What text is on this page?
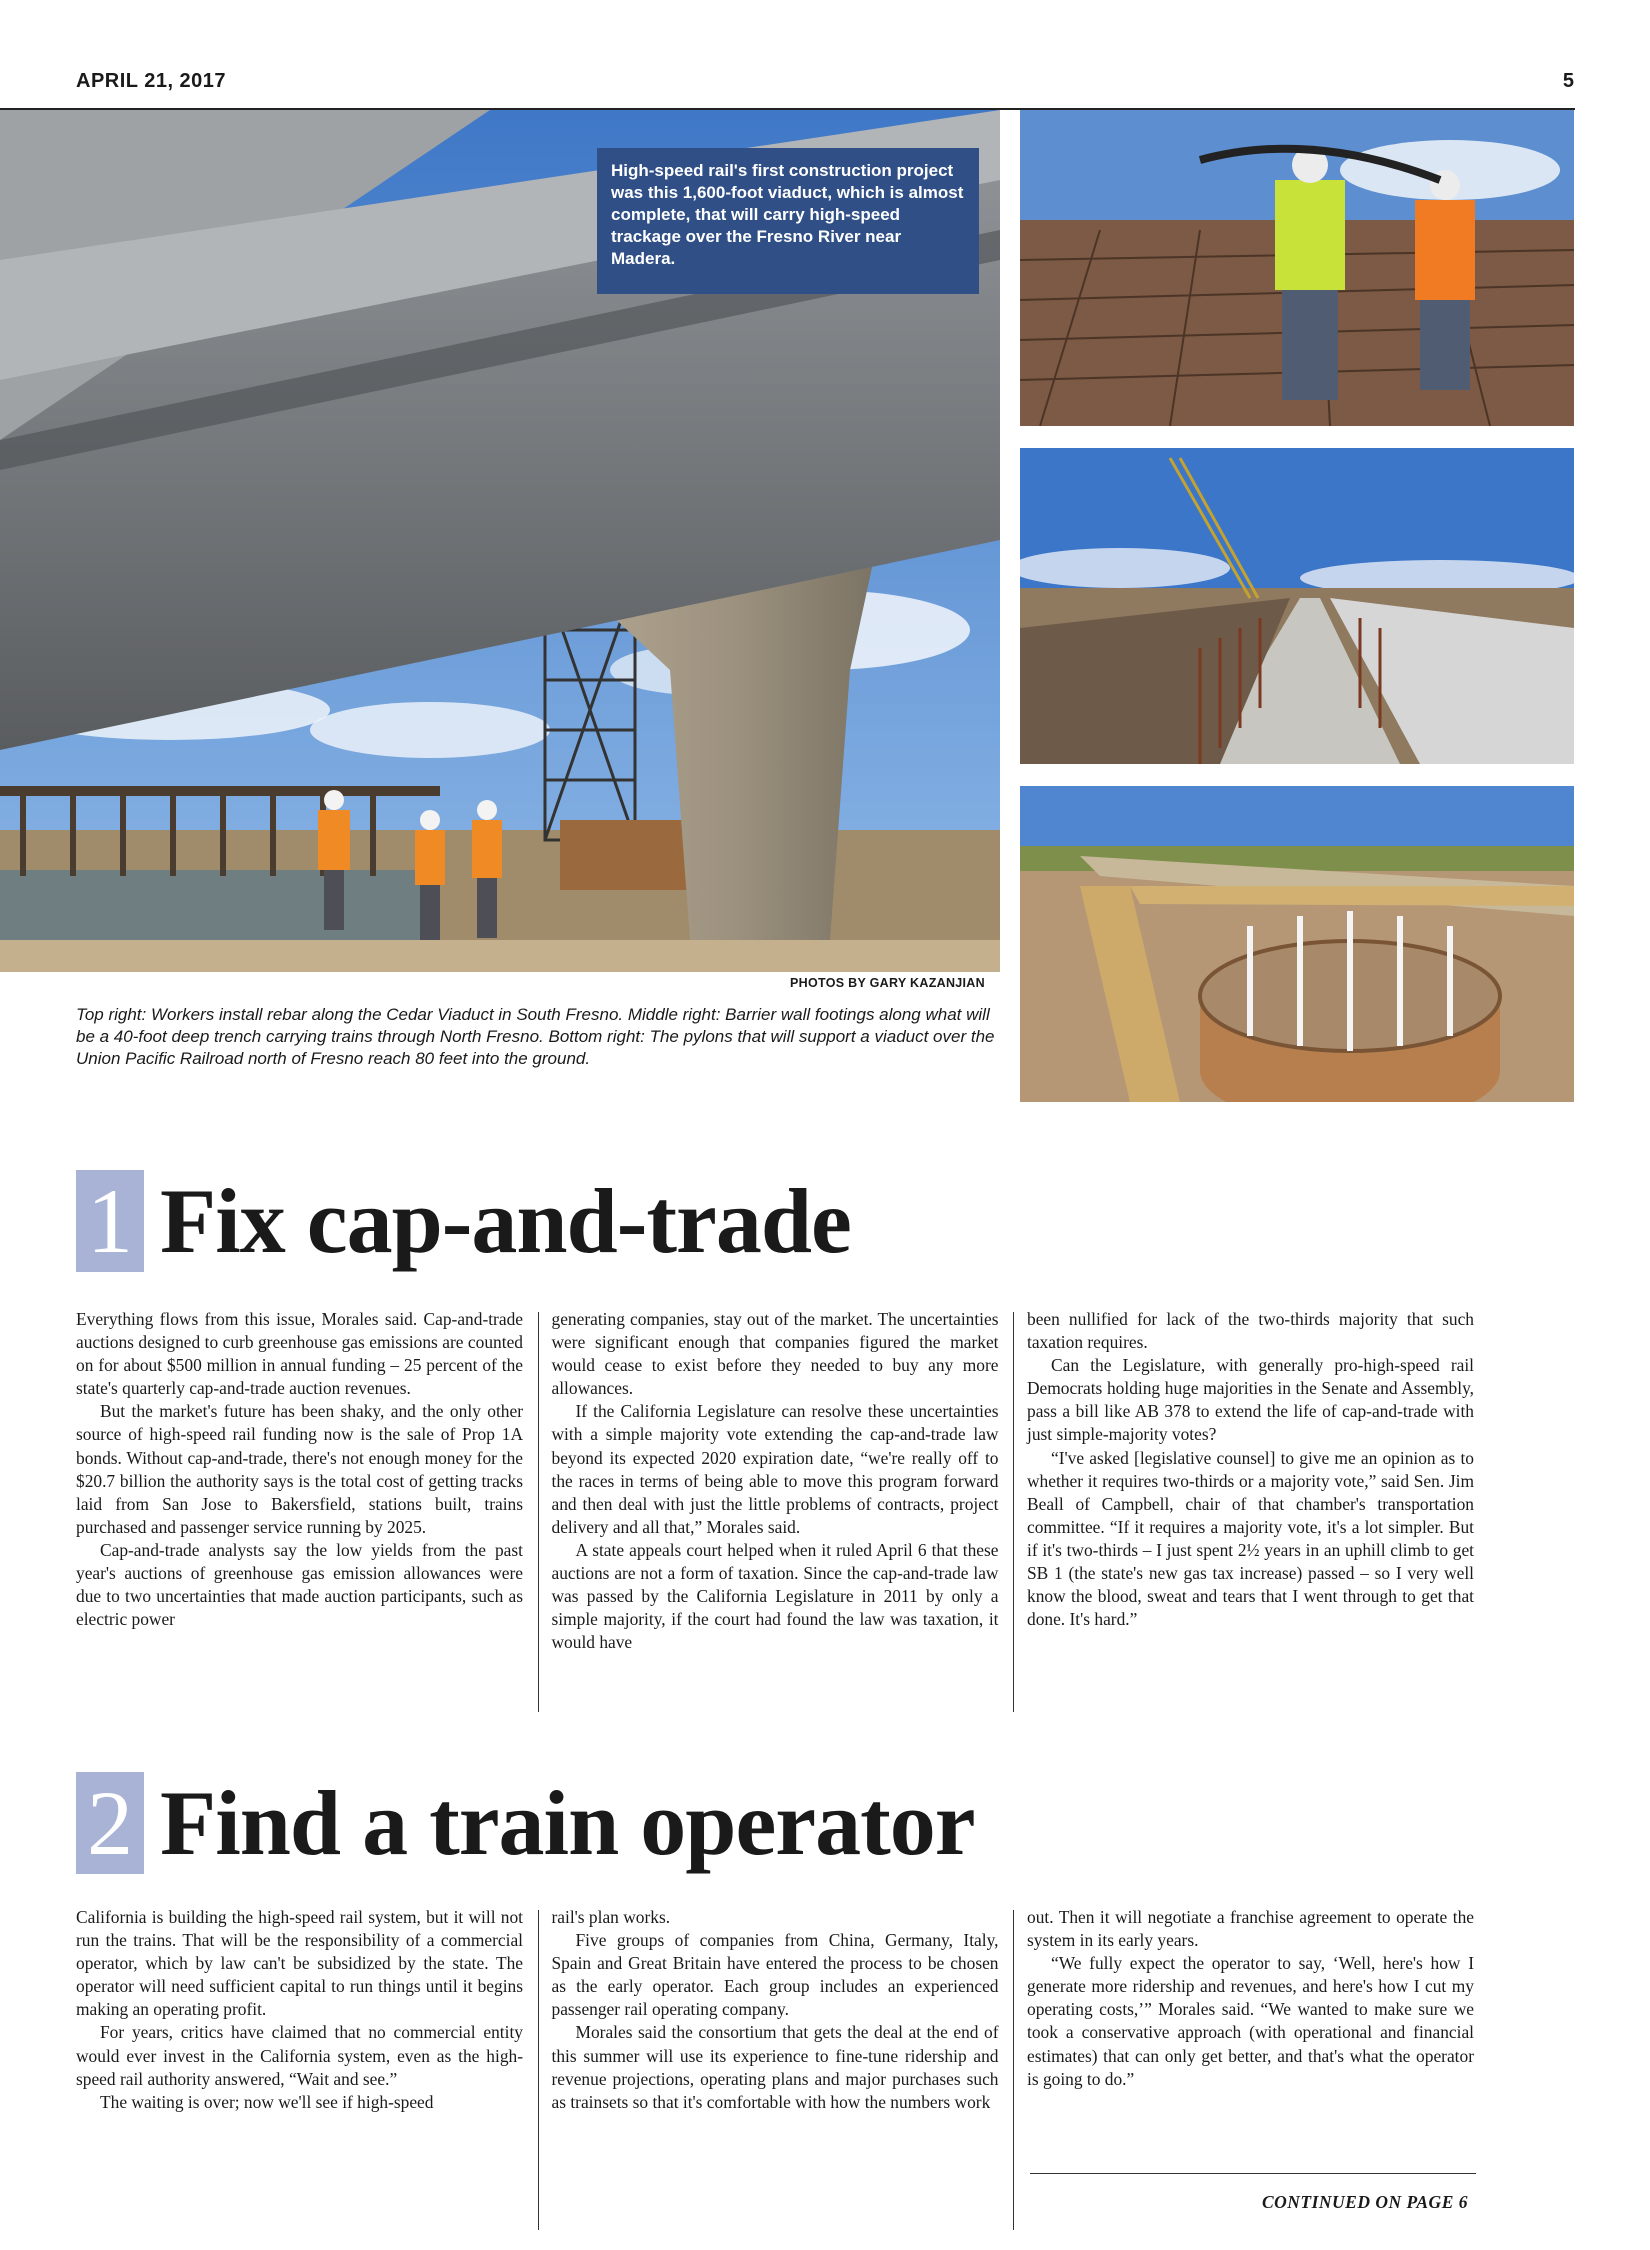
APRIL 21, 2017	5
High-speed rail's first construction project was this 1,600-foot viaduct, which is almost complete, that will carry high-speed trackage over the Fresno River near Madera.
PHOTOS BY GARY KAZANJIAN
Top right: Workers install rebar along the Cedar Viaduct in South Fresno. Middle right: Barrier wall footings along what will be a 40-foot deep trench carrying trains through North Fresno. Bottom right: The pylons that will support a viaduct over the Union Pacific Railroad north of Fresno reach 80 feet into the ground.
1 Fix cap-and-trade

Everything flows from this issue, Morales said. Cap-and-trade auctions designed to curb greenhouse gas emissions are counted on for about $500 million in annual funding – 25 percent of the state's quarterly cap-and-trade auction revenues.

But the market's future has been shaky, and the only other source of high-speed rail funding now is the sale of Prop 1A bonds. Without cap-and-trade, there's not enough money for the $20.7 billion the authority says is the total cost of getting tracks laid from San Jose to Bakersfield, stations built, trains purchased and passenger service running by 2025.

Cap-and-trade analysts say the low yields from the past year's auctions of greenhouse gas emission allowances were due to two uncertainties that made auction participants, such as electric power

generating companies, stay out of the market. The uncertainties were significant enough that companies figured the market would cease to exist before they needed to buy any more allowances.

If the California Legislature can resolve these uncertainties with a simple majority vote extending the cap-and-trade law beyond its expected 2020 expiration date, “we're really off to the races in terms of being able to move this program forward and then deal with just the little problems of contracts, project delivery and all that,” Morales said.

A state appeals court helped when it ruled April 6 that these auctions are not a form of taxation. Since the cap-and-trade law was passed by the California Legislature in 2011 by only a simple majority, if the court had found the law was taxation, it would have

been nullified for lack of the two-thirds majority that such taxation requires.

Can the Legislature, with generally pro-high-speed rail Democrats holding huge majorities in the Senate and Assembly, pass a bill like AB 378 to extend the life of cap-and-trade with just simple-majority votes?

“I've asked [legislative counsel] to give me an opinion as to whether it requires two-thirds or a majority vote,” said Sen. Jim Beall of Campbell, chair of that chamber's transportation committee. “If it requires a majority vote, it's a lot simpler. But if it's two-thirds – I just spent 2½ years in an uphill climb to get SB 1 (the state's new gas tax increase) passed – so I very well know the blood, sweat and tears that I went through to get that done. It's hard.”

2 Find a train operator

California is building the high-speed rail system, but it will not run the trains. That will be the responsibility of a commercial operator, which by law can't be subsidized by the state. The operator will need sufficient capital to run things until it begins making an operating profit.

For years, critics have claimed that no commercial entity would ever invest in the California system, even as the high-speed rail authority answered, “Wait and see.”

The waiting is over; now we'll see if high-speed

rail's plan works.

Five groups of companies from China, Germany, Italy, Spain and Great Britain have entered the process to be chosen as the early operator. Each group includes an experienced passenger rail operating company.

Morales said the consortium that gets the deal at the end of this summer will use its experience to fine-tune ridership and revenue projections, operating plans and major purchases such as trainsets so that it's comfortable with how the numbers work

out. Then it will negotiate a franchise agreement to operate the system in its early years.

“We fully expect the operator to say, ‘Well, here's how I generate more ridership and revenues, and here's how I cut my operating costs,’” Morales said. “We wanted to make sure we took a conservative approach (with operational and financial estimates) that can only get better, and that's what the operator is going to do.”

CONTINUED ON PAGE 6
